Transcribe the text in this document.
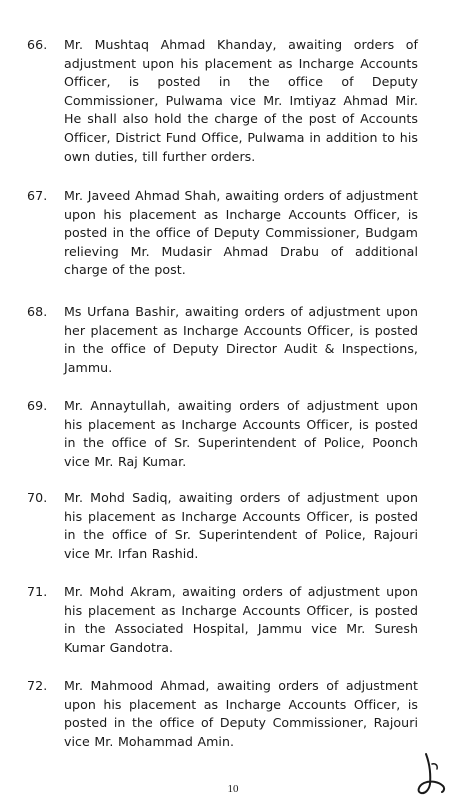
66. Mr. Mushtaq Ahmad Khanday, awaiting orders of adjustment upon his placement as Incharge Accounts Officer, is posted in the office of Deputy Commissioner, Pulwama vice Mr. Imtiyaz Ahmad Mir. He shall also hold the charge of the post of Accounts Officer, District Fund Office, Pulwama in addition to his own duties, till further orders.
67. Mr. Javeed Ahmad Shah, awaiting orders of adjustment upon his placement as Incharge Accounts Officer, is posted in the office of Deputy Commissioner, Budgam relieving Mr. Mudasir Ahmad Drabu of additional charge of the post.
68. Ms Urfana Bashir, awaiting orders of adjustment upon her placement as Incharge Accounts Officer, is posted in the office of Deputy Director Audit & Inspections, Jammu.
69. Mr. Annaytullah, awaiting orders of adjustment upon his placement as Incharge Accounts Officer, is posted in the office of Sr. Superintendent of Police, Poonch vice Mr. Raj Kumar.
70. Mr. Mohd Sadiq, awaiting orders of adjustment upon his placement as Incharge Accounts Officer, is posted in the office of Sr. Superintendent of Police, Rajouri vice Mr. Irfan Rashid.
71. Mr. Mohd Akram, awaiting orders of adjustment upon his placement as Incharge Accounts Officer, is posted in the Associated Hospital, Jammu vice Mr. Suresh Kumar Gandotra.
72. Mr. Mahmood Ahmad, awaiting orders of adjustment upon his placement as Incharge Accounts Officer, is posted in the office of Deputy Commissioner, Rajouri vice Mr. Mohammad Amin.
10
